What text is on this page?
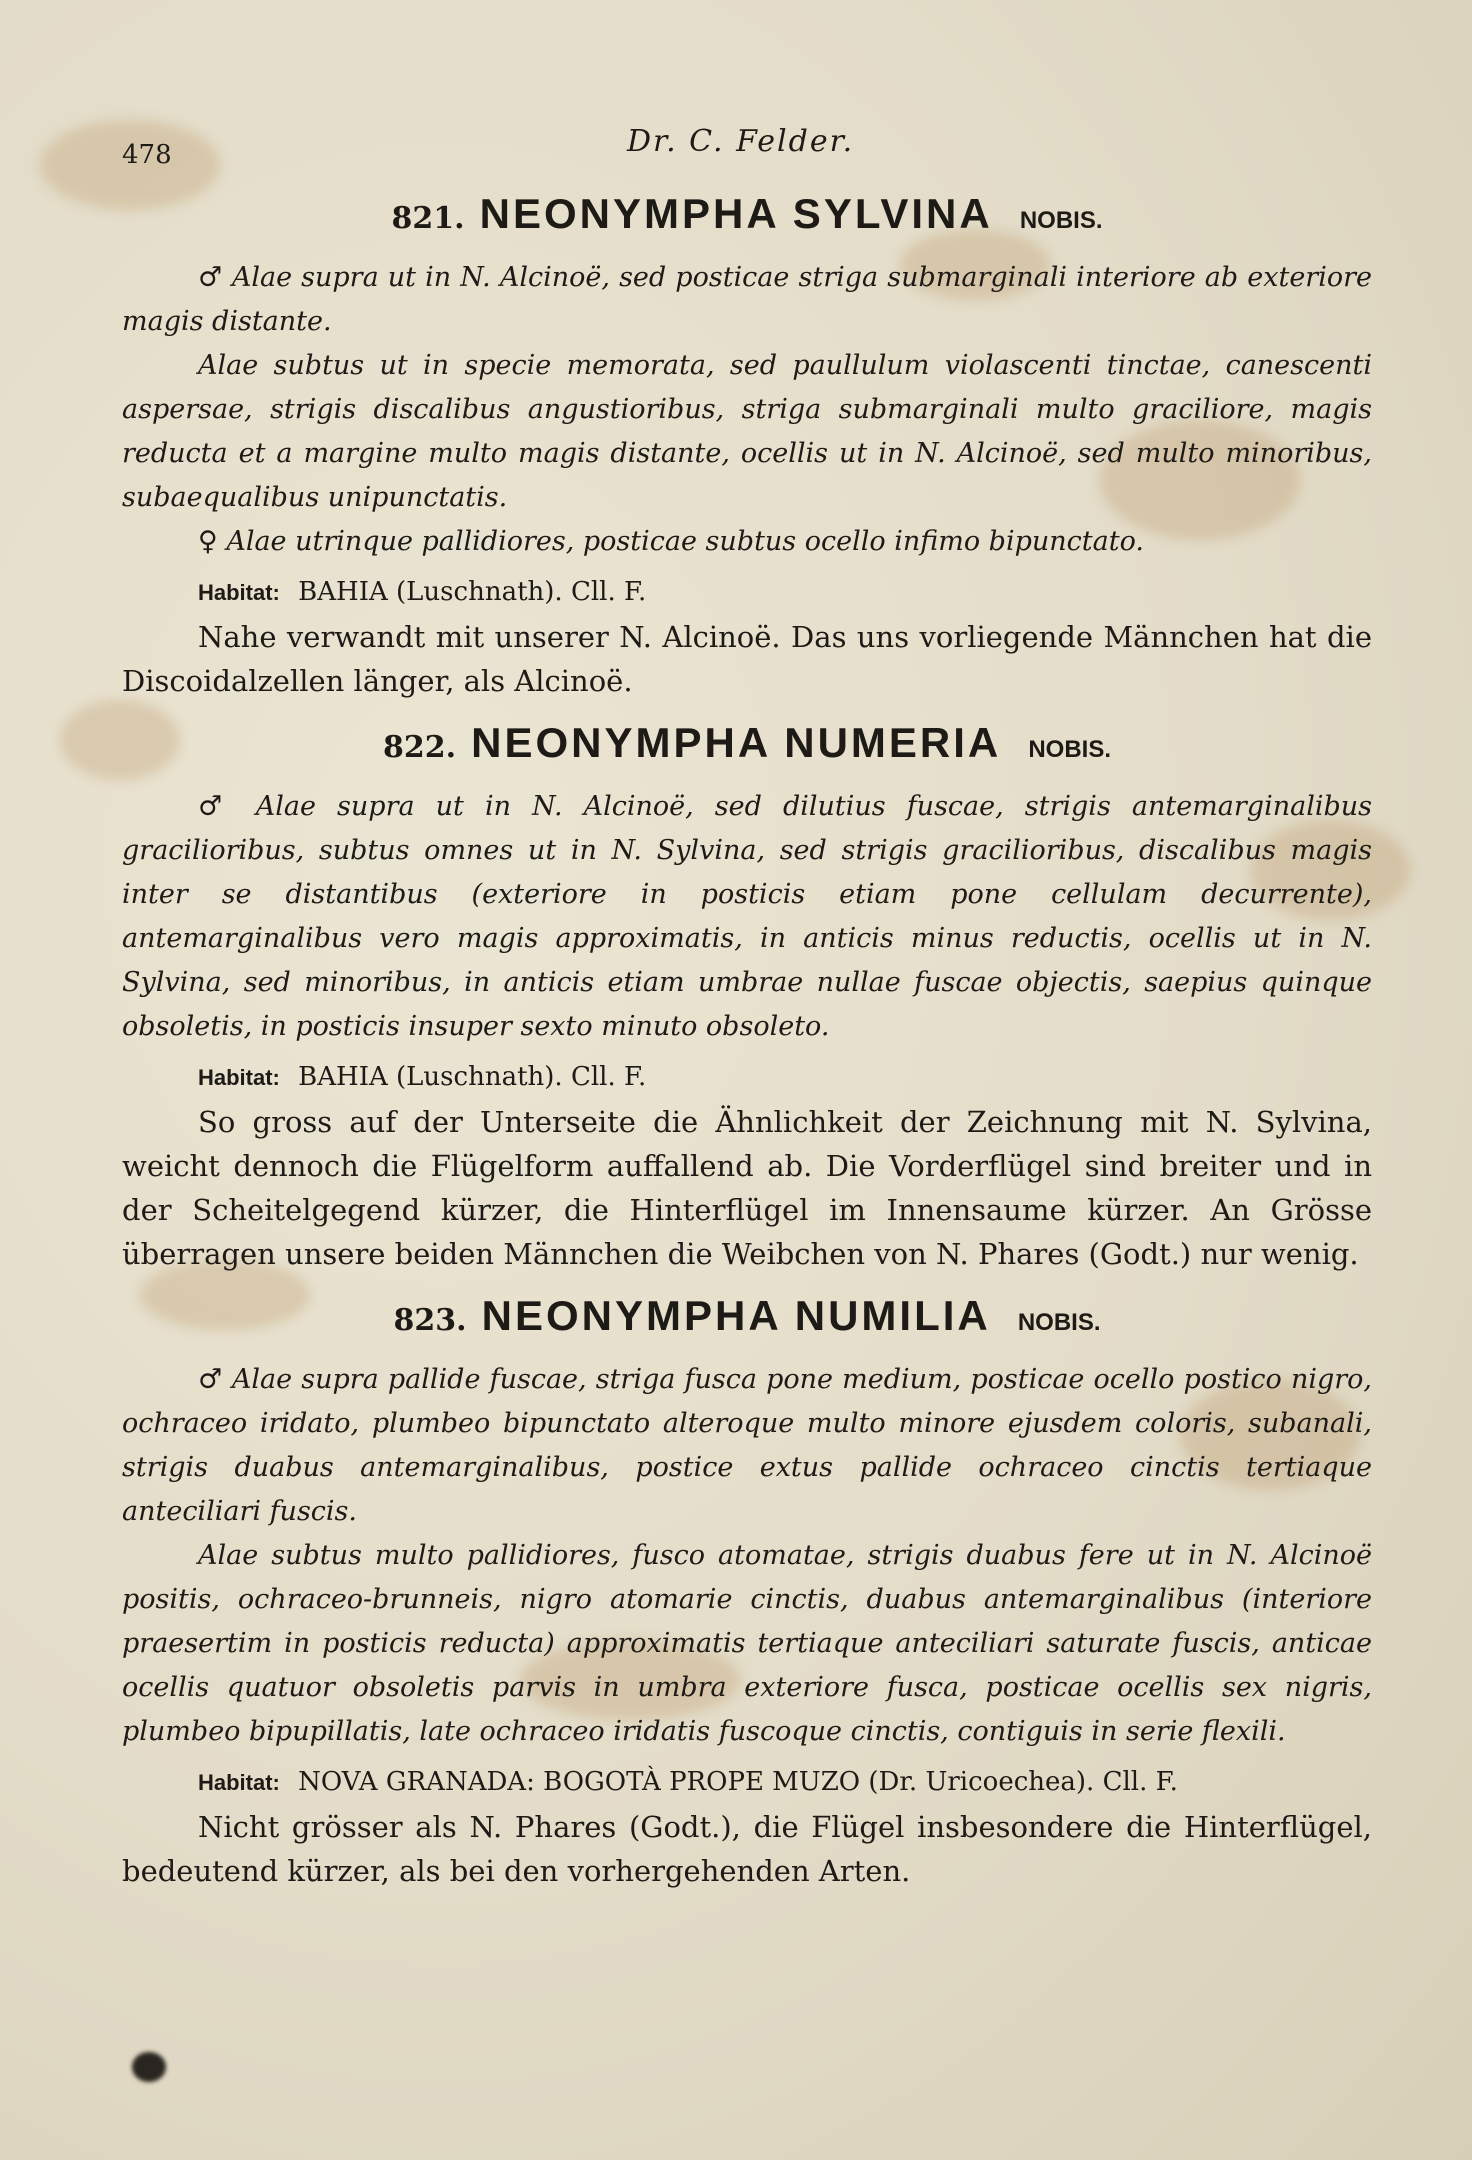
478	Dr. C. Felder.
821. NEONYMPHA SYLVINA NOBIS.

♂ Alae supra ut in N. Alcinoë, sed posticae striga submarginali interiore ab exteriore magis distante.

Alae subtus ut in specie memorata, sed paullulum violascenti tinctae, canescenti aspersae, strigis discalibus angustioribus, striga submarginali multo graciliore, magis reducta et a margine multo magis distante, ocellis ut in N. Alcinoë, sed multo minoribus, subaequalibus unipunctatis.

♀ Alae utrinque pallidiores, posticae subtus ocello infimo bipunctato.

Habitat: BAHIA (Luschnath). Cll. F.

Nahe verwandt mit unserer N. Alcinoë. Das uns vorliegende Männchen hat die Discoidalzellen länger, als Alcinoë.

822. NEONYMPHA NUMERIA NOBIS.

♂ Alae supra ut in N. Alcinoë, sed dilutius fuscae, strigis antemarginalibus gracilioribus, subtus omnes ut in N. Sylvina, sed strigis gracilioribus, discalibus magis inter se distantibus (exteriore in posticis etiam pone cellulam decurrente), antemarginalibus vero magis approximatis, in anticis minus reductis, ocellis ut in N. Sylvina, sed minoribus, in anticis etiam umbrae nullae fuscae objectis, saepius quinque obsoletis, in posticis insuper sexto minuto obsoleto.

Habitat: BAHIA (Luschnath). Cll. F.

So gross auf der Unterseite die Ähnlichkeit der Zeichnung mit N. Sylvina, weicht dennoch die Flügelform auffallend ab. Die Vorderflügel sind breiter und in der Scheitelgegend kürzer, die Hinterflügel im Innensaume kürzer. An Grösse überragen unsere beiden Männchen die Weibchen von N. Phares (Godt.) nur wenig.

823. NEONYMPHA NUMILIA NOBIS.

♂ Alae supra pallide fuscae, striga fusca pone medium, posticae ocello postico nigro, ochraceo iridato, plumbeo bipunctato alteroque multo minore ejusdem coloris, subanali, strigis duabus antemarginalibus, postice extus pallide ochraceo cinctis tertiaque anteciliari fuscis.

Alae subtus multo pallidiores, fusco atomatae, strigis duabus fere ut in N. Alcinoë positis, ochraceo-brunneis, nigro atomarie cinctis, duabus antemarginalibus (interiore praesertim in posticis reducta) approximatis tertiaque anteciliari saturate fuscis, anticae ocellis quatuor obsoletis parvis in umbra exteriore fusca, posticae ocellis sex nigris, plumbeo bipupillatis, late ochraceo iridatis fuscoque cinctis, contiguis in serie flexili.

Habitat: NOVA GRANADA: BOGOTÀ PROPE MUZO (Dr. Uricoechea). Cll. F.

Nicht grösser als N. Phares (Godt.), die Flügel insbesondere die Hinterflügel, bedeutend kürzer, als bei den vorhergehenden Arten.
